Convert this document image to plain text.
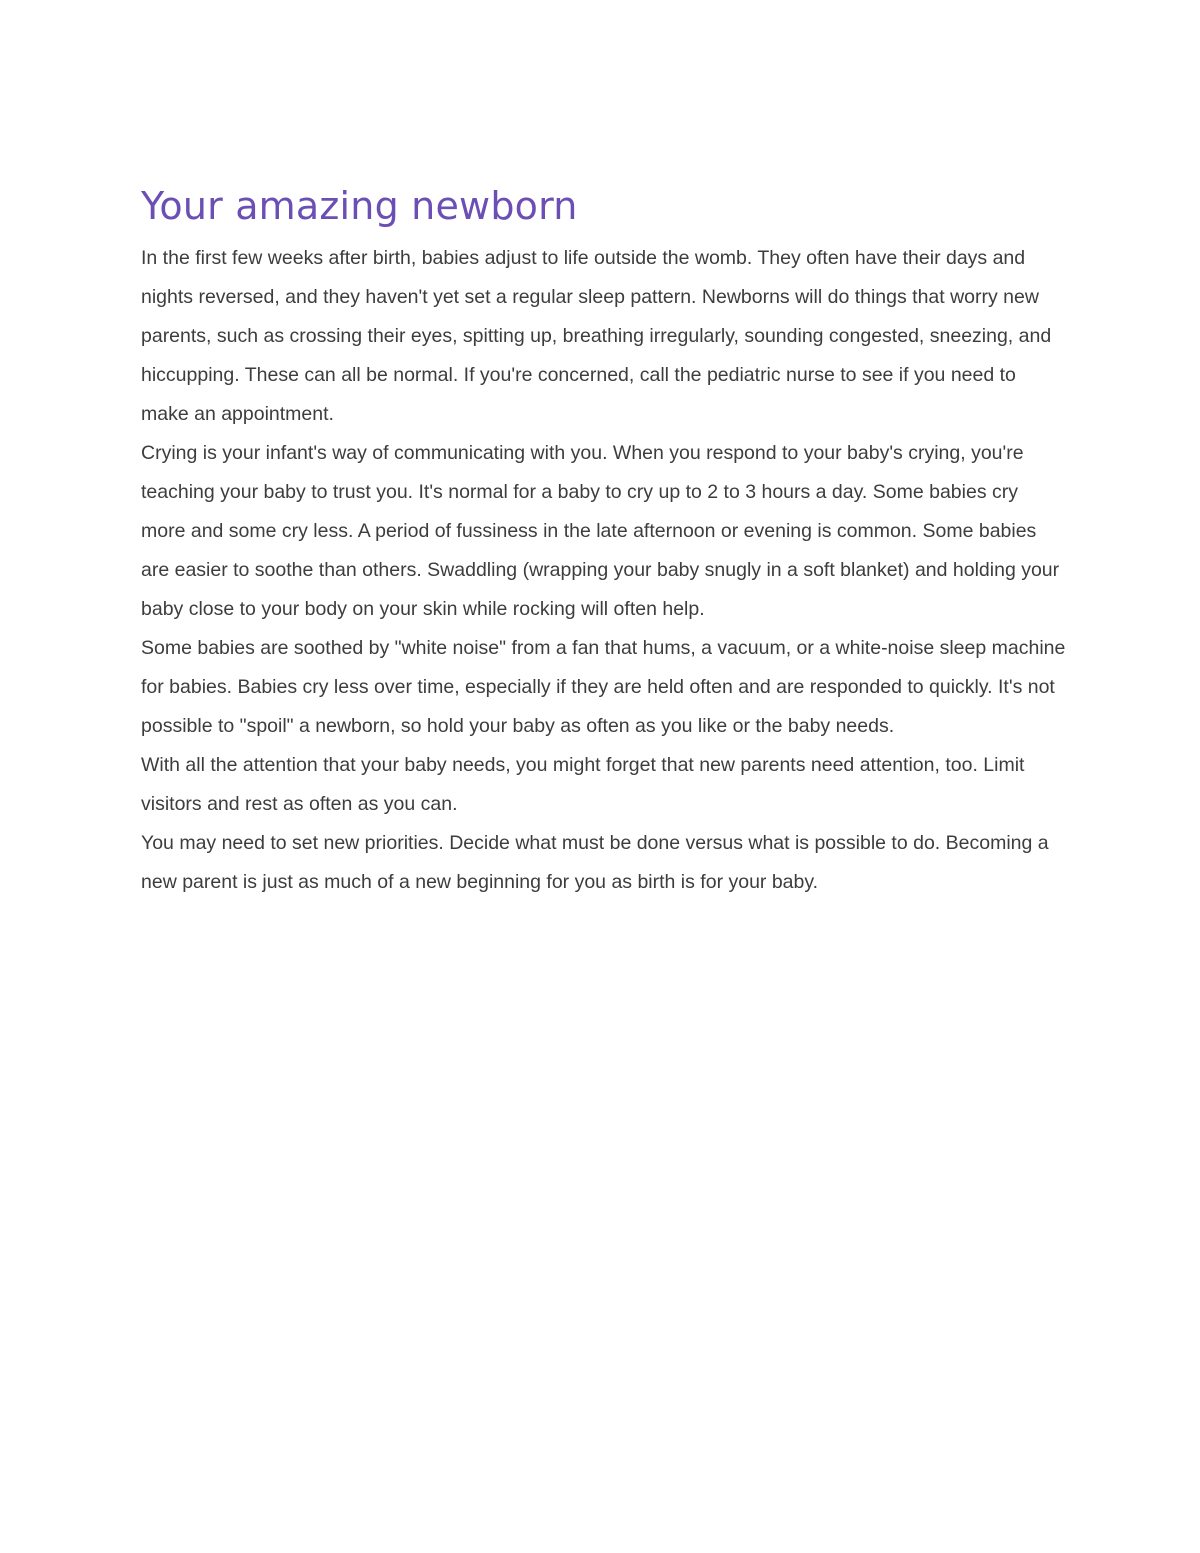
Your amazing newborn

In the first few weeks after birth, babies adjust to life outside the womb. They often have their days and nights reversed, and they haven't yet set a regular sleep pattern. Newborns will do things that worry new parents, such as crossing their eyes, spitting up, breathing irregularly, sounding congested, sneezing, and hiccupping. These can all be normal. If you're concerned, call the pediatric nurse to see if you need to make an appointment.

Crying is your infant's way of communicating with you. When you respond to your baby's crying, you're teaching your baby to trust you. It's normal for a baby to cry up to 2 to 3 hours a day. Some babies cry more and some cry less. A period of fussiness in the late afternoon or evening is common. Some babies are easier to soothe than others. Swaddling (wrapping your baby snugly in a soft blanket) and holding your baby close to your body on your skin while rocking will often help.

Some babies are soothed by "white noise" from a fan that hums, a vacuum, or a white-noise sleep machine for babies. Babies cry less over time, especially if they are held often and are responded to quickly. It's not possible to "spoil" a newborn, so hold your baby as often as you like or the baby needs.

With all the attention that your baby needs, you might forget that new parents need attention, too. Limit visitors and rest as often as you can.

You may need to set new priorities. Decide what must be done versus what is possible to do. Becoming a new parent is just as much of a new beginning for you as birth is for your baby.
